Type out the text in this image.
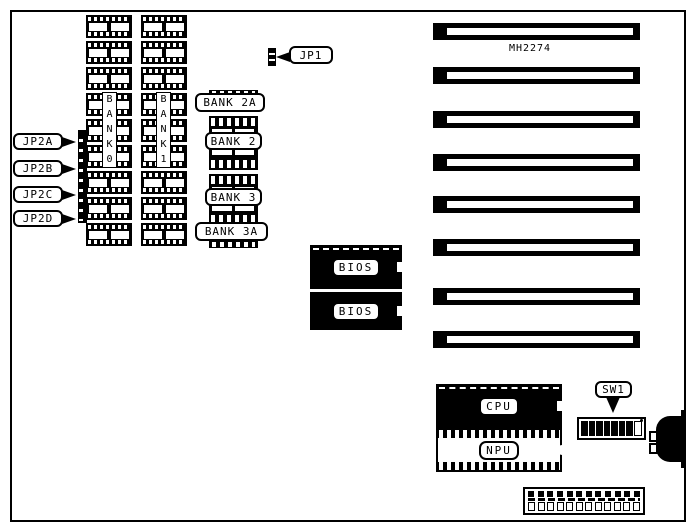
B
A
N
K
0
B
A
N
K
1
JP1
JP2A
JP2B
JP2C
JP2D
BANK 2A
BANK 2
BANK 3
BANK 3A
BIOS
BIOS
MH2274
CPU
NPU
SW1
